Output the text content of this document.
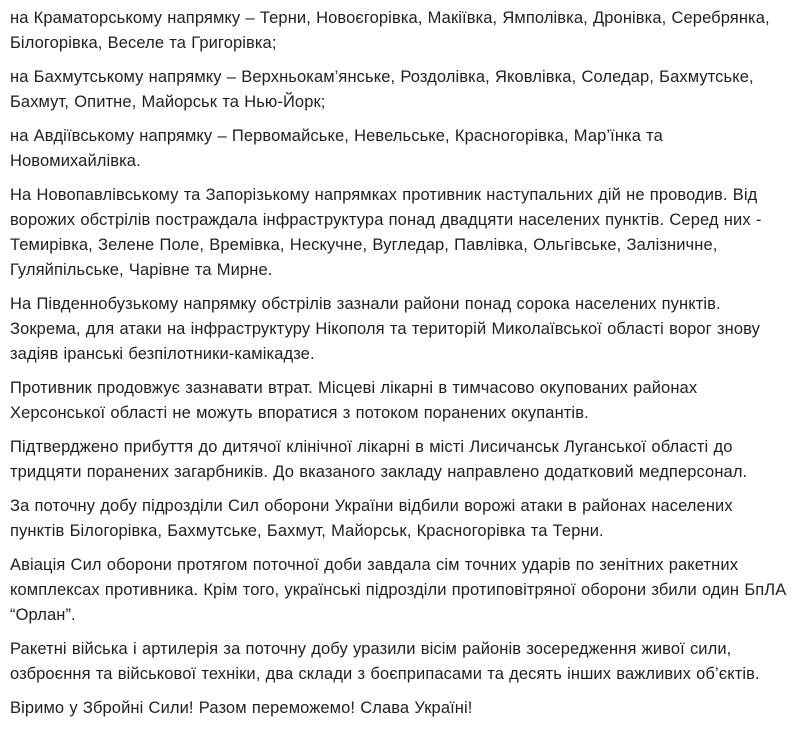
на Краматорському напрямку – Терни, Новоєгорівка, Макіївка, Ямполівка, Дронівка, Серебрянка, Білогорівка, Веселе та Григорівка;

на Бахмутському напрямку – Верхньокам’янське, Роздолівка, Яковлівка, Соледар, Бахмутське, Бахмут, Опитне, Майорськ та Нью-Йорк;

на Авдіївському напрямку – Первомайське, Невельське, Красногорівка, Мар’їнка та Новомихайлівка.

На Новопавлівському та Запорізькому напрямках противник наступальних дій не проводив. Від ворожих обстрілів постраждала інфраструктура понад двадцяти населених пунктів. Серед них - Темирівка, Зелене Поле, Времівка, Нескучне, Вугледар, Павлівка, Ольгівське, Залізничне, Гуляйпільське, Чарівне та Мирне.

На Південнобузькому напрямку обстрілів зазнали райони понад сорока населених пунктів. Зокрема, для атаки на інфраструктуру Нікополя та територій Миколаївської області ворог знову задіяв іранські безпілотники-камікадзе.

Противник продовжує зазнавати втрат. Місцеві лікарні в тимчасово окупованих районах Херсонської області не можуть впоратися з потоком поранених окупантів.

Підтверджено прибуття до дитячої клінічної лікарні в місті Лисичанськ Луганської області до тридцяти поранених загарбників. До вказаного закладу направлено додатковий медперсонал.

За поточну добу підрозділи Сил оборони України відбили ворожі атаки в районах населених пунктів Білогорівка, Бахмутське, Бахмут, Майорськ, Красногорівка та Терни.

Авіація Сил оборони протягом поточної доби завдала сім точних ударів по зенітних ракетних комплексах противника. Крім того, українські підрозділи протиповітряної оборони збили один БпЛА “Орлан”.

Ракетні війська і артилерія за поточну добу уразили вісім районів зосередження живої сили, озброєння та військової техніки, два склади з боєприпасами та десять інших важливих об’єктів.

Віримо у Збройні Сили! Разом переможемо! Слава Україні!
